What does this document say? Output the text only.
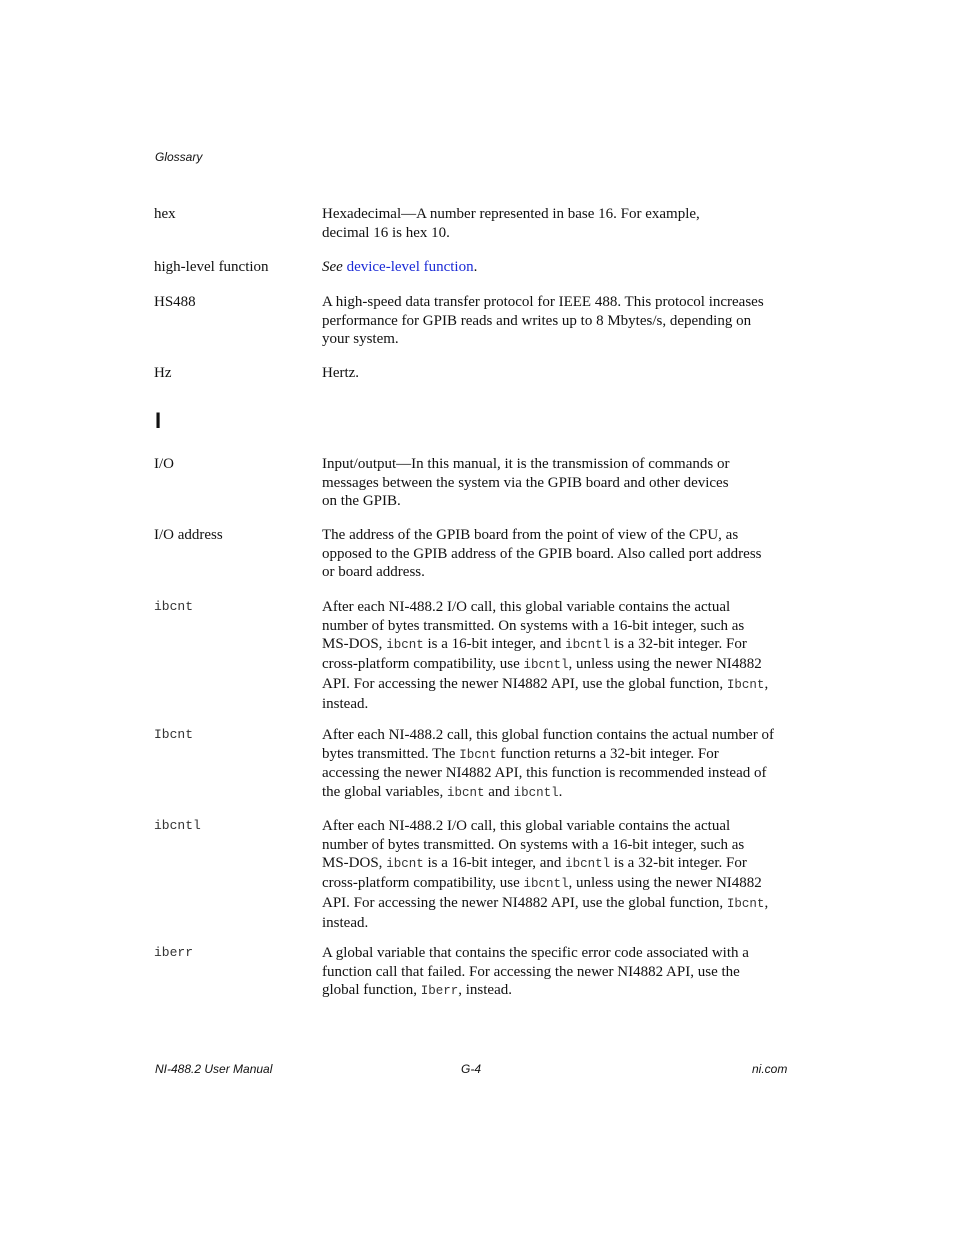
Glossary
hex	Hexadecimal—A number represented in base 16. For example,
decimal 16 is hex 10.
high-level function	See device-level function.
HS488	A high-speed data transfer protocol for IEEE 488. This protocol increases
performance for GPIB reads and writes up to 8 Mbytes/s, depending on
your system.
Hz	Hertz.
I
I/O	Input/output—In this manual, it is the transmission of commands or
messages between the system via the GPIB board and other devices
on the GPIB.
I/O address	The address of the GPIB board from the point of view of the CPU, as
opposed to the GPIB address of the GPIB board. Also called port address
or board address.
ibcnt	After each NI-488.2 I/O call, this global variable contains the actual
number of bytes transmitted. On systems with a 16-bit integer, such as
MS-DOS, ibcnt is a 16-bit integer, and ibcntl is a 32-bit integer. For
cross-platform compatibility, use ibcntl, unless using the newer NI4882
API. For accessing the newer NI4882 API, use the global function, Ibcnt,
instead.
Ibcnt	After each NI-488.2 call, this global function contains the actual number of
bytes transmitted. The Ibcnt function returns a 32-bit integer. For
accessing the newer NI4882 API, this function is recommended instead of
the global variables, ibcnt and ibcntl.
ibcntl	After each NI-488.2 I/O call, this global variable contains the actual
number of bytes transmitted. On systems with a 16-bit integer, such as
MS-DOS, ibcnt is a 16-bit integer, and ibcntl is a 32-bit integer. For
cross-platform compatibility, use ibcntl, unless using the newer NI4882
API. For accessing the newer NI4882 API, use the global function, Ibcnt,
instead.
iberr	A global variable that contains the specific error code associated with a
function call that failed. For accessing the newer NI4882 API, use the
global function, Iberr, instead.
NI-488.2 User Manual	G-4	ni.com
